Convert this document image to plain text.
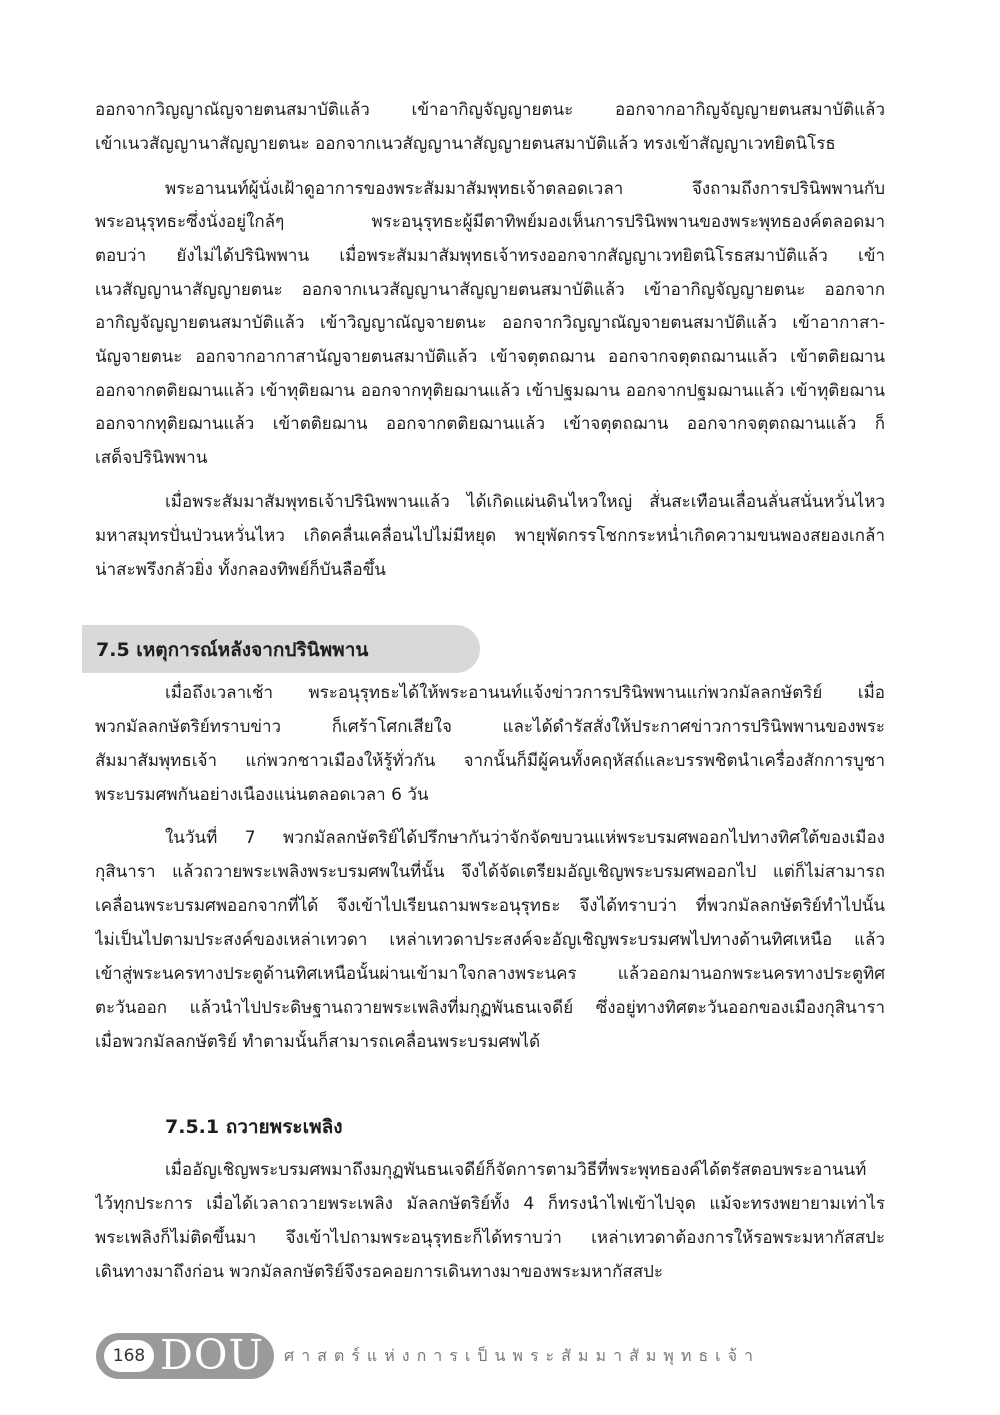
ออกจากวิญญาณัญจายตนสมาบัติแล้ว เข้าอากิญจัญญายตนะ ออกจากอากิญจัญญายตนสมาบัติแล้ว
เข้าเนวสัญญานาสัญญายตนะ ออกจากเนวสัญญานาสัญญายตนสมาบัติแล้ว ทรงเข้าสัญญาเวทยิตนิโรธ
พระอานนท์ผู้นั่งเฝ้าดูอาการของพระสัมมาสัมพุทธเจ้าตลอดเวลา จึงถามถึงการปรินิพพานกับ
พระอนุรุทธะซึ่งนั่งอยู่ใกล้ๆ พระอนุรุทธะผู้มีตาทิพย์มองเห็นการปรินิพพานของพระพุทธองค์ตลอดมา
ตอบว่า ยังไม่ได้ปรินิพพาน เมื่อพระสัมมาสัมพุทธเจ้าทรงออกจากสัญญาเวทยิตนิโรธสมาบัติแล้ว เข้า
เนวสัญญานาสัญญายตนะ ออกจากเนวสัญญานาสัญญายตนสมาบัติแล้ว เข้าอากิญจัญญายตนะ ออกจาก
อากิญจัญญายตนสมาบัติแล้ว เข้าวิญญาณัญจายตนะ ออกจากวิญญาณัญจายตนสมาบัติแล้ว เข้าอากาสา-
นัญจายตนะ ออกจากอากาสานัญจายตนสมาบัติแล้ว เข้าจตุตถฌาน ออกจากจตุตถฌานแล้ว เข้าตติยฌาน
ออกจากตติยฌานแล้ว เข้าทุติยฌาน ออกจากทุติยฌานแล้ว เข้าปฐมฌาน ออกจากปฐมฌานแล้ว เข้าทุติยฌาน
ออกจากทุติยฌานแล้ว เข้าตติยฌาน ออกจากตติยฌานแล้ว เข้าจตุตถฌาน ออกจากจตุตถฌานแล้ว ก็
เสด็จปรินิพพาน
เมื่อพระสัมมาสัมพุทธเจ้าปรินิพพานแล้ว ได้เกิดแผ่นดินไหวใหญ่ สั่นสะเทือนเลื่อนลั่นสนั่นหวั่นไหว
มหาสมุทรปั่นป่วนหวั่นไหว เกิดคลื่นเคลื่อนไปไม่มีหยุด พายุพัดกรรโชกกระหน่ำเกิดความขนพองสยองเกล้า
น่าสะพรึงกลัวยิ่ง ทั้งกลองทิพย์ก็บันลือขึ้น
7.5 เหตุการณ์หลังจากปรินิพพาน
เมื่อถึงเวลาเช้า พระอนุรุทธะได้ให้พระอานนท์แจ้งข่าวการปรินิพพานแก่พวกมัลลกษัตริย์ เมื่อ
พวกมัลลกษัตริย์ทราบข่าว ก็เศร้าโศกเสียใจ และได้ดำรัสสั่งให้ประกาศข่าวการปรินิพพานของพระ
สัมมาสัมพุทธเจ้า แก่พวกชาวเมืองให้รู้ทั่วกัน จากนั้นก็มีผู้คนทั้งคฤหัสถ์และบรรพชิตนำเครื่องสักการบูชา
พระบรมศพกันอย่างเนืองแน่นตลอดเวลา 6 วัน
ในวันที่ 7 พวกมัลลกษัตริย์ได้ปรึกษากันว่าจักจัดขบวนแห่พระบรมศพออกไปทางทิศใต้ของเมือง
กุสินารา แล้วถวายพระเพลิงพระบรมศพในที่นั้น จึงได้จัดเตรียมอัญเชิญพระบรมศพออกไป แต่ก็ไม่สามารถ
เคลื่อนพระบรมศพออกจากที่ได้ จึงเข้าไปเรียนถามพระอนุรุทธะ จึงได้ทราบว่า ที่พวกมัลลกษัตริย์ทำไปนั้น
ไม่เป็นไปตามประสงค์ของเหล่าเทวดา เหล่าเทวดาประสงค์จะอัญเชิญพระบรมศพไปทางด้านทิศเหนือ แล้ว
เข้าสู่พระนครทางประตูด้านทิศเหนือนั้นผ่านเข้ามาใจกลางพระนคร แล้วออกมานอกพระนครทางประตูทิศ
ตะวันออก แล้วนำไปประดิษฐานถวายพระเพลิงที่มกุฏพันธนเจดีย์ ซึ่งอยู่ทางทิศตะวันออกของเมืองกุสินารา
เมื่อพวกมัลลกษัตริย์ ทำตามนั้นก็สามารถเคลื่อนพระบรมศพได้
7.5.1 ถวายพระเพลิง
เมื่ออัญเชิญพระบรมศพมาถึงมกุฏพันธนเจดีย์ก็จัดการตามวิธีที่พระพุทธองค์ได้ตรัสตอบพระอานนท์
ไว้ทุกประการ เมื่อได้เวลาถวายพระเพลิง มัลลกษัตริย์ทั้ง 4 ก็ทรงนำไฟเข้าไปจุด แม้จะทรงพยายามเท่าไร
พระเพลิงก็ไม่ติดขึ้นมา จึงเข้าไปถามพระอนุรุทธะก็ได้ทราบว่า เหล่าเทวดาต้องการให้รอพระมหากัสสปะ
เดินทางมาถึงก่อน พวกมัลลกษัตริย์จึงรอคอยการเดินทางมาของพระมหากัสสปะ
168 DOU ศาสตร์แห่งการเป็นพระสัมมาสัมพุทธเจ้า
